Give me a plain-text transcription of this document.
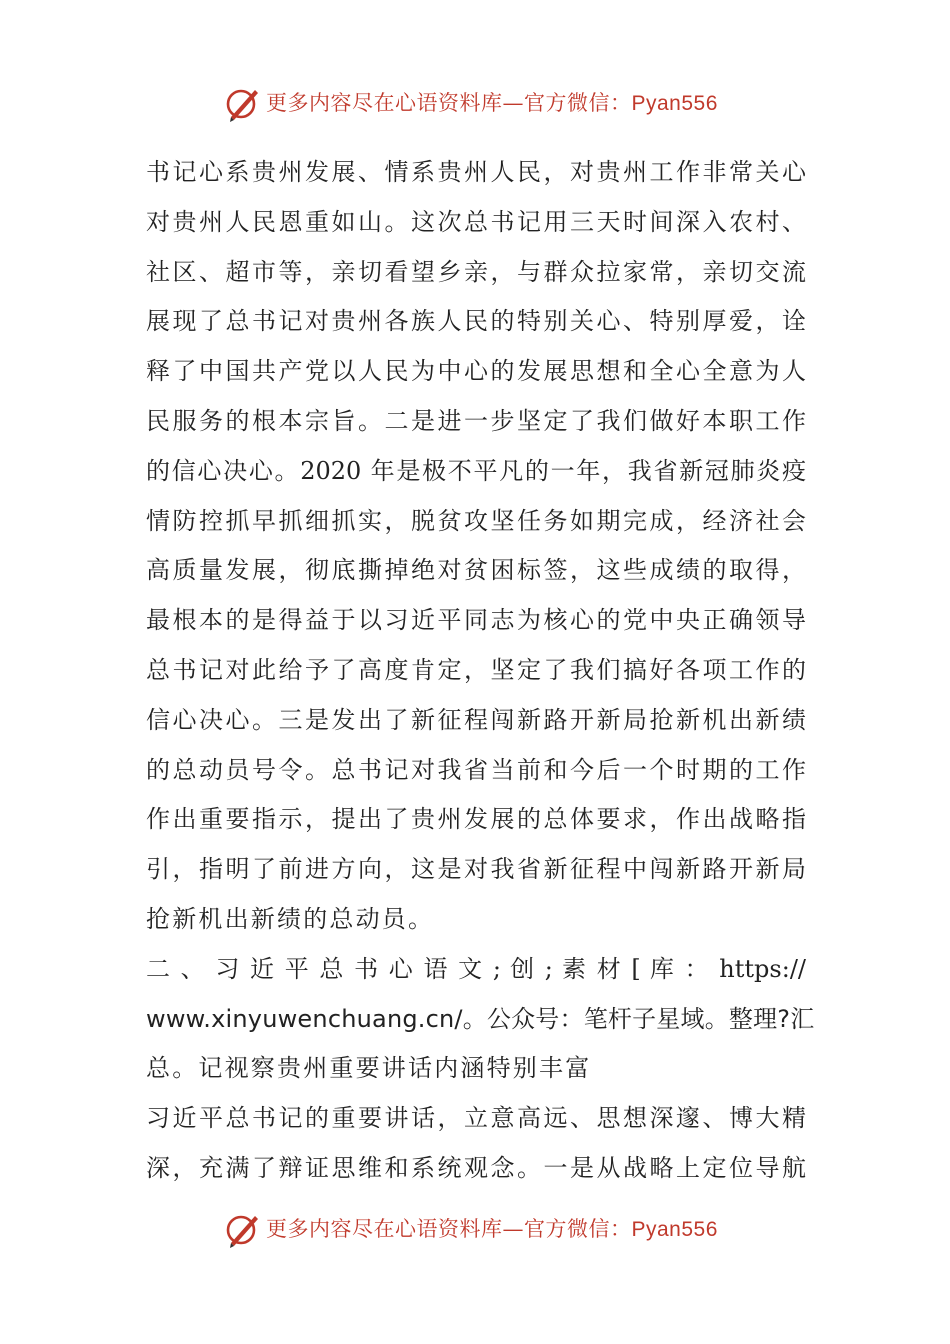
更多内容尽在心语资料库—官方微信：Pyan556
书记心系贵州发展、情系贵州人民，对贵州工作非常关心
对贵州人民恩重如山。这次总书记用三天时间深入农村、
社区、超市等，亲切看望乡亲，与群众拉家常，亲切交流
展现了总书记对贵州各族人民的特别关心、特别厚爱，诠
释了中国共产党以人民为中心的发展思想和全心全意为人
民服务的根本宗旨。二是进一步坚定了我们做好本职工作
的信心决心。2020 年是极不平凡的一年，我省新冠肺炎疫
情防控抓早抓细抓实，脱贫攻坚任务如期完成，经济社会
高质量发展，彻底撕掉绝对贫困标签，这些成绩的取得，
最根本的是得益于以习近平同志为核心的党中央正确领导
总书记对此给予了高度肯定，坚定了我们搞好各项工作的
信心决心。三是发出了新征程闯新路开新局抢新机出新绩
的总动员号令。总书记对我省当前和今后一个时期的工作
作出重要指示，提出了贵州发展的总体要求，作出战略指
引，指明了前进方向，这是对我省新征程中闯新路开新局
抢新机出新绩的总动员。
二 、 习 近 平 总 书 心 语 文 ; 创 ; 素 材 [ 库 ： https://
www.xinyuwenchuang.cn/。公众号：笔杆子星域。整理?汇
总。记视察贵州重要讲话内涵特别丰富
习近平总书记的重要讲话，立意高远、思想深邃、博大精
深，充满了辩证思维和系统观念。一是从战略上定位导航
更多内容尽在心语资料库—官方微信：Pyan556
